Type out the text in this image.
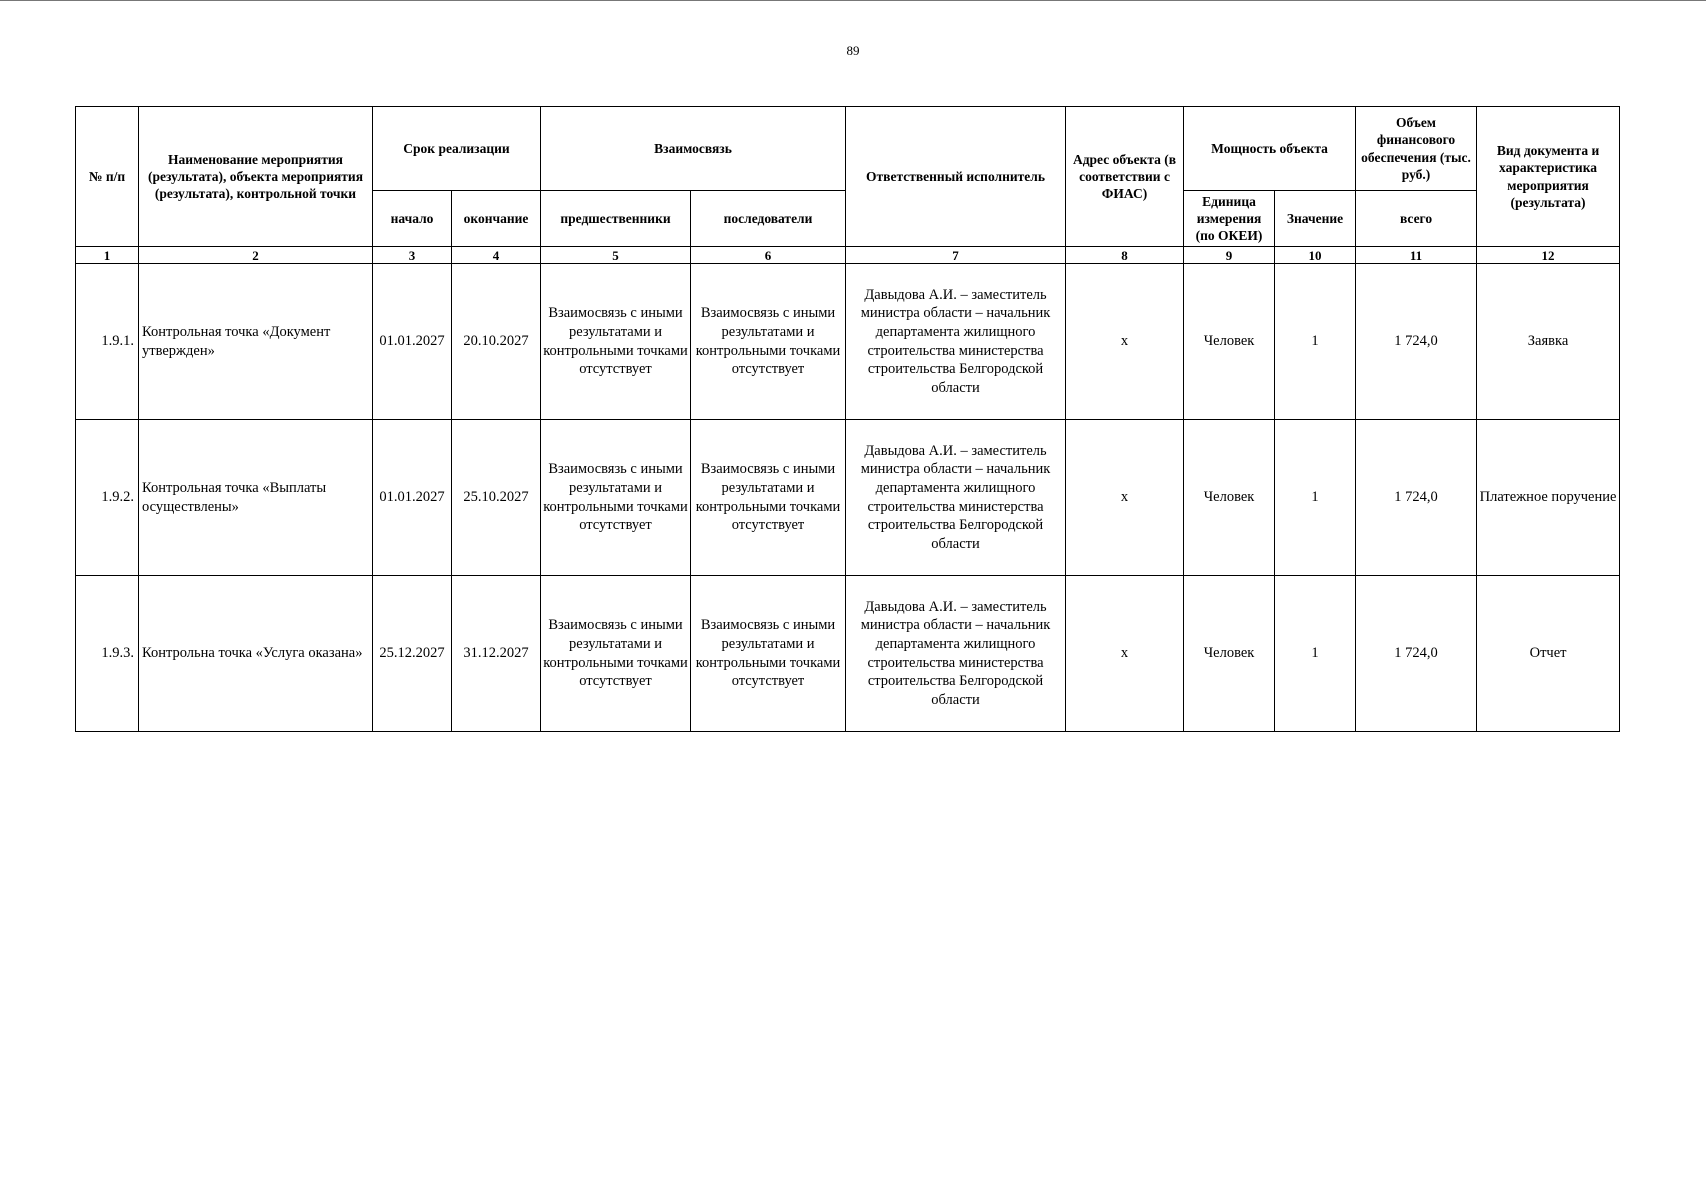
89
№ п/п	Наименование мероприятия (результата), объекта мероприятия (результата), контрольной точки	Срок реализации		Взаимосвязь		Ответственный исполнитель	Адрес объекта (в соответствии с ФИАС)	Мощность объекта		Объем финансового обеспечения (тыс. руб.)	Вид документа и характеристика мероприятия (результата)
		начало	окончание	предшественники	последователи			Единица измерения (по ОКЕИ)	Значение	всего	
1	2	3	4	5	6	7	8	9	10	11	12
1.9.1.	Контрольная точка «Документ утвержден»	01.01.2027	20.10.2027	Взаимосвязь с иными результатами и контрольными точками отсутствует	Взаимосвязь с иными результатами и контрольными точками отсутствует	Давыдова А.И. – заместитель министра области – начальник департамента жилищного строительства министерства строительства Белгородской области	х	Человек	1	1 724,0	Заявка
1.9.2.	Контрольная точка «Выплаты осуществлены»	01.01.2027	25.10.2027	Взаимосвязь с иными результатами и контрольными точками отсутствует	Взаимосвязь с иными результатами и контрольными точками отсутствует	Давыдова А.И. – заместитель министра области – начальник департамента жилищного строительства министерства строительства Белгородской области	х	Человек	1	1 724,0	Платежное поручение
1.9.3.	Контрольна точка «Услуга оказана»	25.12.2027	31.12.2027	Взаимосвязь с иными результатами и контрольными точками отсутствует	Взаимосвязь с иными результатами и контрольными точками отсутствует	Давыдова А.И. – заместитель министра области – начальник департамента жилищного строительства министерства строительства Белгородской области	х	Человек	1	1 724,0	Отчет
